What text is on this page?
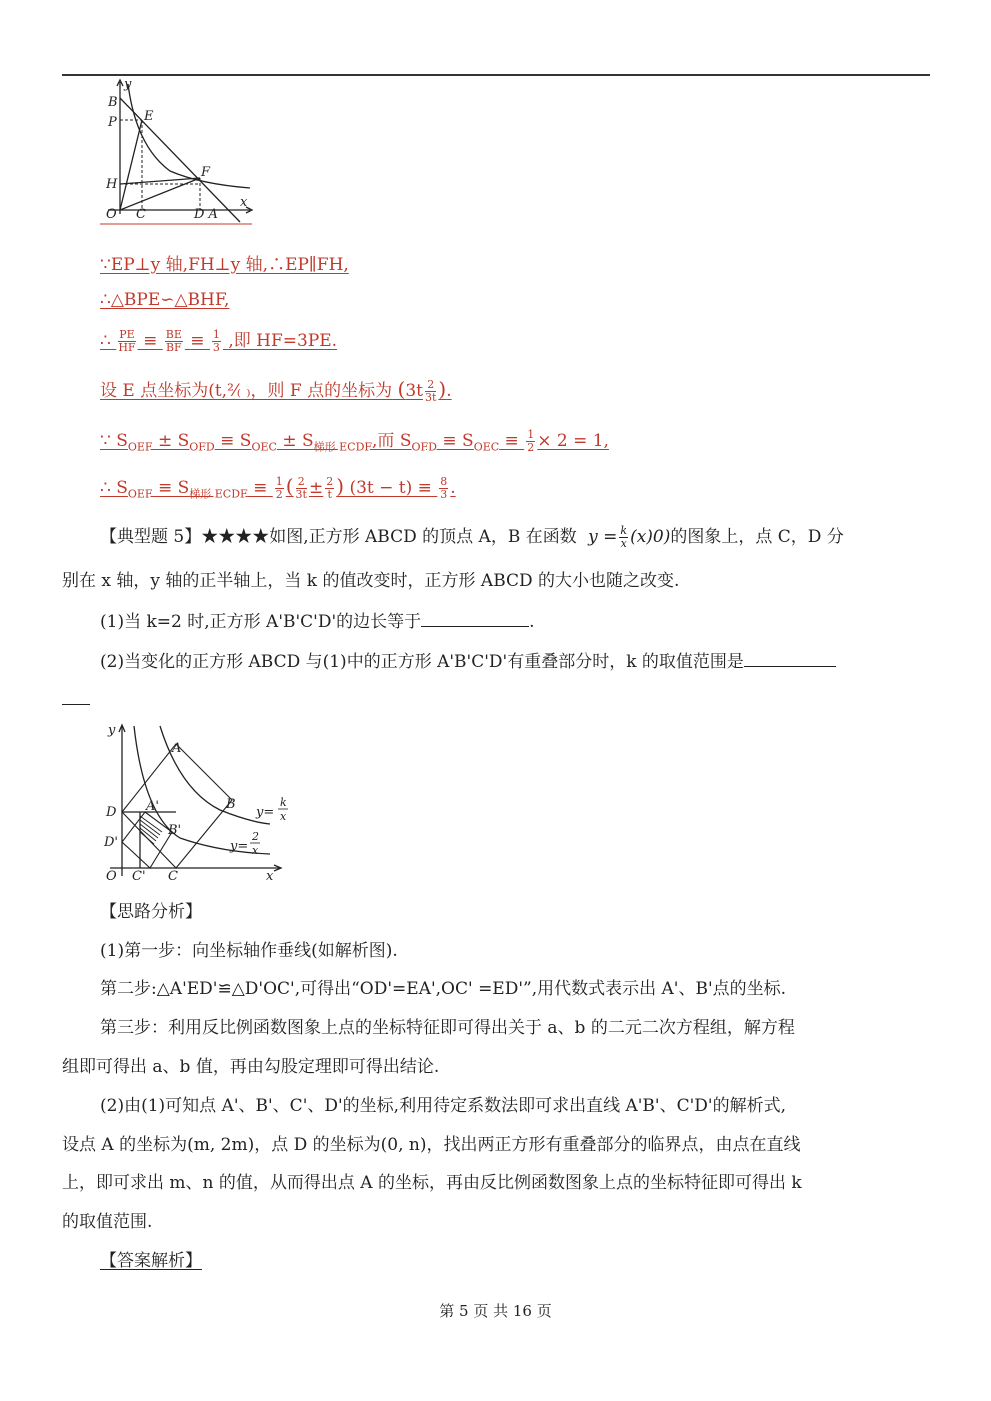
y
x
B
E
P
F
H
O C	D A
∵EP⊥y 轴,FH⊥y 轴,∴EP∥FH,
∴△BPE∽△BHF,
∴ $\frac{PE}{HF} \equiv \frac{BE}{BF} \equiv \frac{1}{3}$ ,即 HF=3PE.
设 E 点坐标为(t,²⁄₍ ₎，则 F 点的坐标为 ($3t \frac{2}{3t}$ ).
∵ $S_{OEF} \pm S_{OFD} \equiv S_{OEC} \pm S_{梯形 ECDF}$,而 $S_{OFD} \equiv S_{OEC} \equiv \frac{1}{2} \times 2 = 1$,
∴ $S_{OEF} \equiv S_{梯形 ECDF} \equiv \frac{1}{2}$ ( $\frac{2}{3t} \pm \frac{2}{t}$ ) $(3t - t) \equiv \frac{8}{3}$ .
【典型题 5】★★★★如图,正方形 ABCD 的顶点 A，B 在函数 $y = \frac{k}{x} (x)0$)的图象上，点 C，D 分
别在 x 轴，y 轴的正半轴上，当 k 的值改变时，正方形 ABCD 的大小也随之改变.
(1)当 k=2 时,正方形 A'B'C'D'的边长等于	.
(2)当变化的正方形 ABCD 与(1)中的正方形 A'B'C'D'有重叠部分时，k 的取值范围是
y
x
A
B
D A'
B'
D'
O C' C
y=
k
x
y=
2
x
【思路分析】
(1)第一步：向坐标轴作垂线(如解析图).
第二步:△A'ED'≌△D'OC',可得出“OD'=EA',OC' =ED'”,用代数式表示出 A'、B'点的坐标.
第三步：利用反比例函数图象上点的坐标特征即可得出关于 a、b 的二元二次方程组，解方程
组即可得出 a、b 值，再由勾股定理即可得出结论.
(2)由(1)可知点 A'、B'、C'、D'的坐标,利用待定系数法即可求出直线 A'B'、C'D'的解析式,
设点 A 的坐标为(m, 2m)，点 D 的坐标为(0, n)，找出两正方形有重叠部分的临界点，由点在直线
上，即可求出 m、n 的值，从而得出点 A 的坐标，再由反比例函数图象上点的坐标特征即可得出 k
的取值范围.
【答案解析】
第 5 页 共 16 页
